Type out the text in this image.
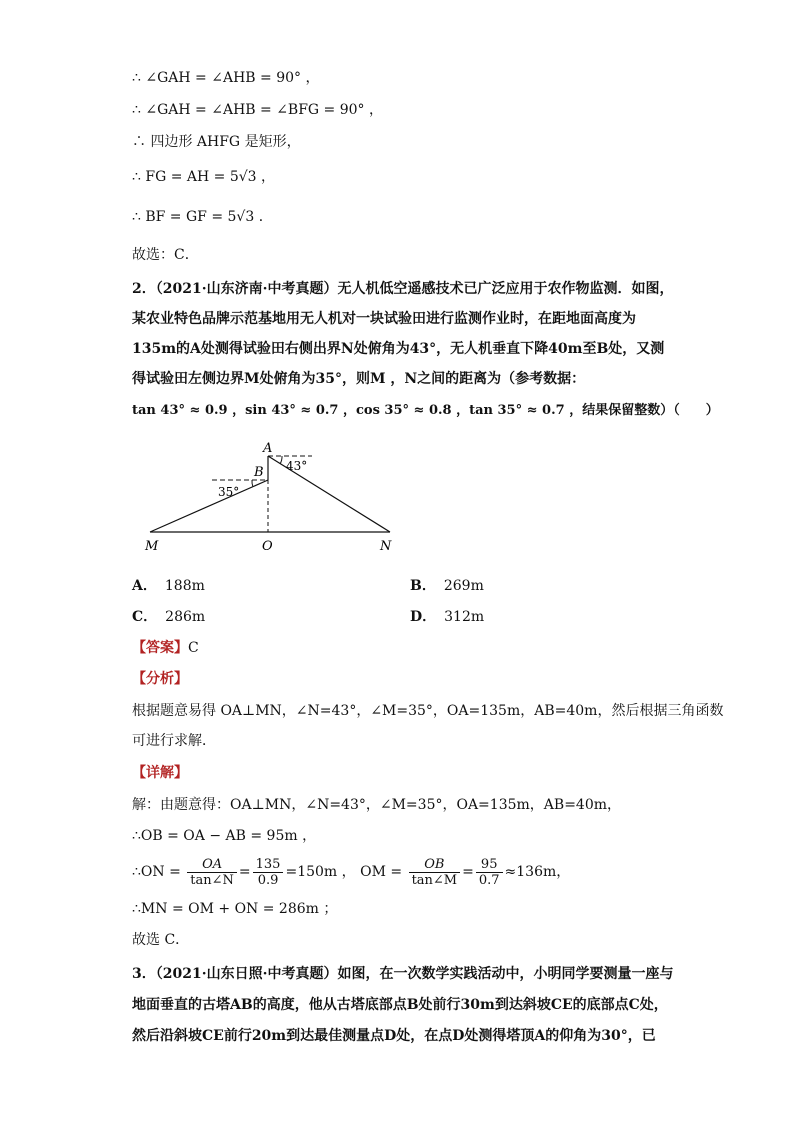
∴ ∠GAH = ∠AHB = 90° ，
∴ ∠GAH = ∠AHB = ∠BFG = 90° ，
∴ 四边形 AHFG 是矩形，
∴ FG = AH = 5√3 ，
∴ BF = GF = 5√3 ．
故选：C．
2．（2021·山东济南·中考真题）无人机低空遥感技术已广泛应用于农作物监测．如图，
某农业特色品牌示范基地用无人机对一块试验田进行监测作业时，在距地面高度为
135m的A处测得试验田右侧出界N处俯角为43°，无人机垂直下降40m至B处，又测
得试验田左侧边界M处俯角为35°，则M ，N之间的距离为（参考数据：
tan 43° ≈ 0.9 ，sin 43° ≈ 0.7 ，cos 35° ≈ 0.8 ，tan 35° ≈ 0.7 ，结果保留整数）（　　）
A
B 43°
35°
M	O	N
A． 188m	B． 269m
C． 286m	D． 312m
【答案】C
【分析】
根据题意易得 OA⊥MN，∠N=43°，∠M=35°，OA=135m，AB=40m，然后根据三角函数
可进行求解．
【详解】
解：由题意得：OA⊥MN，∠N=43°，∠M=35°，OA=135m，AB=40m，
∴OB = OA − AB = 95m ，
∴ON = $\frac{OA}{\tan\angle N} = \frac{135}{0.9} =150m$ ， OM = $\frac{OB}{\tan\angle M} = \frac{95}{0.7} \approx 136m$，
∴MN = OM + ON = 286m ；
故选 C．
3．（2021·山东日照·中考真题）如图，在一次数学实践活动中，小明同学要测量一座与
地面垂直的古塔AB的高度，他从古塔底部点B处前行30m到达斜坡CE的底部点C处，
然后沿斜坡CE前行20m到达最佳测量点D处，在点D处测得塔顶A的仰角为30°，已
